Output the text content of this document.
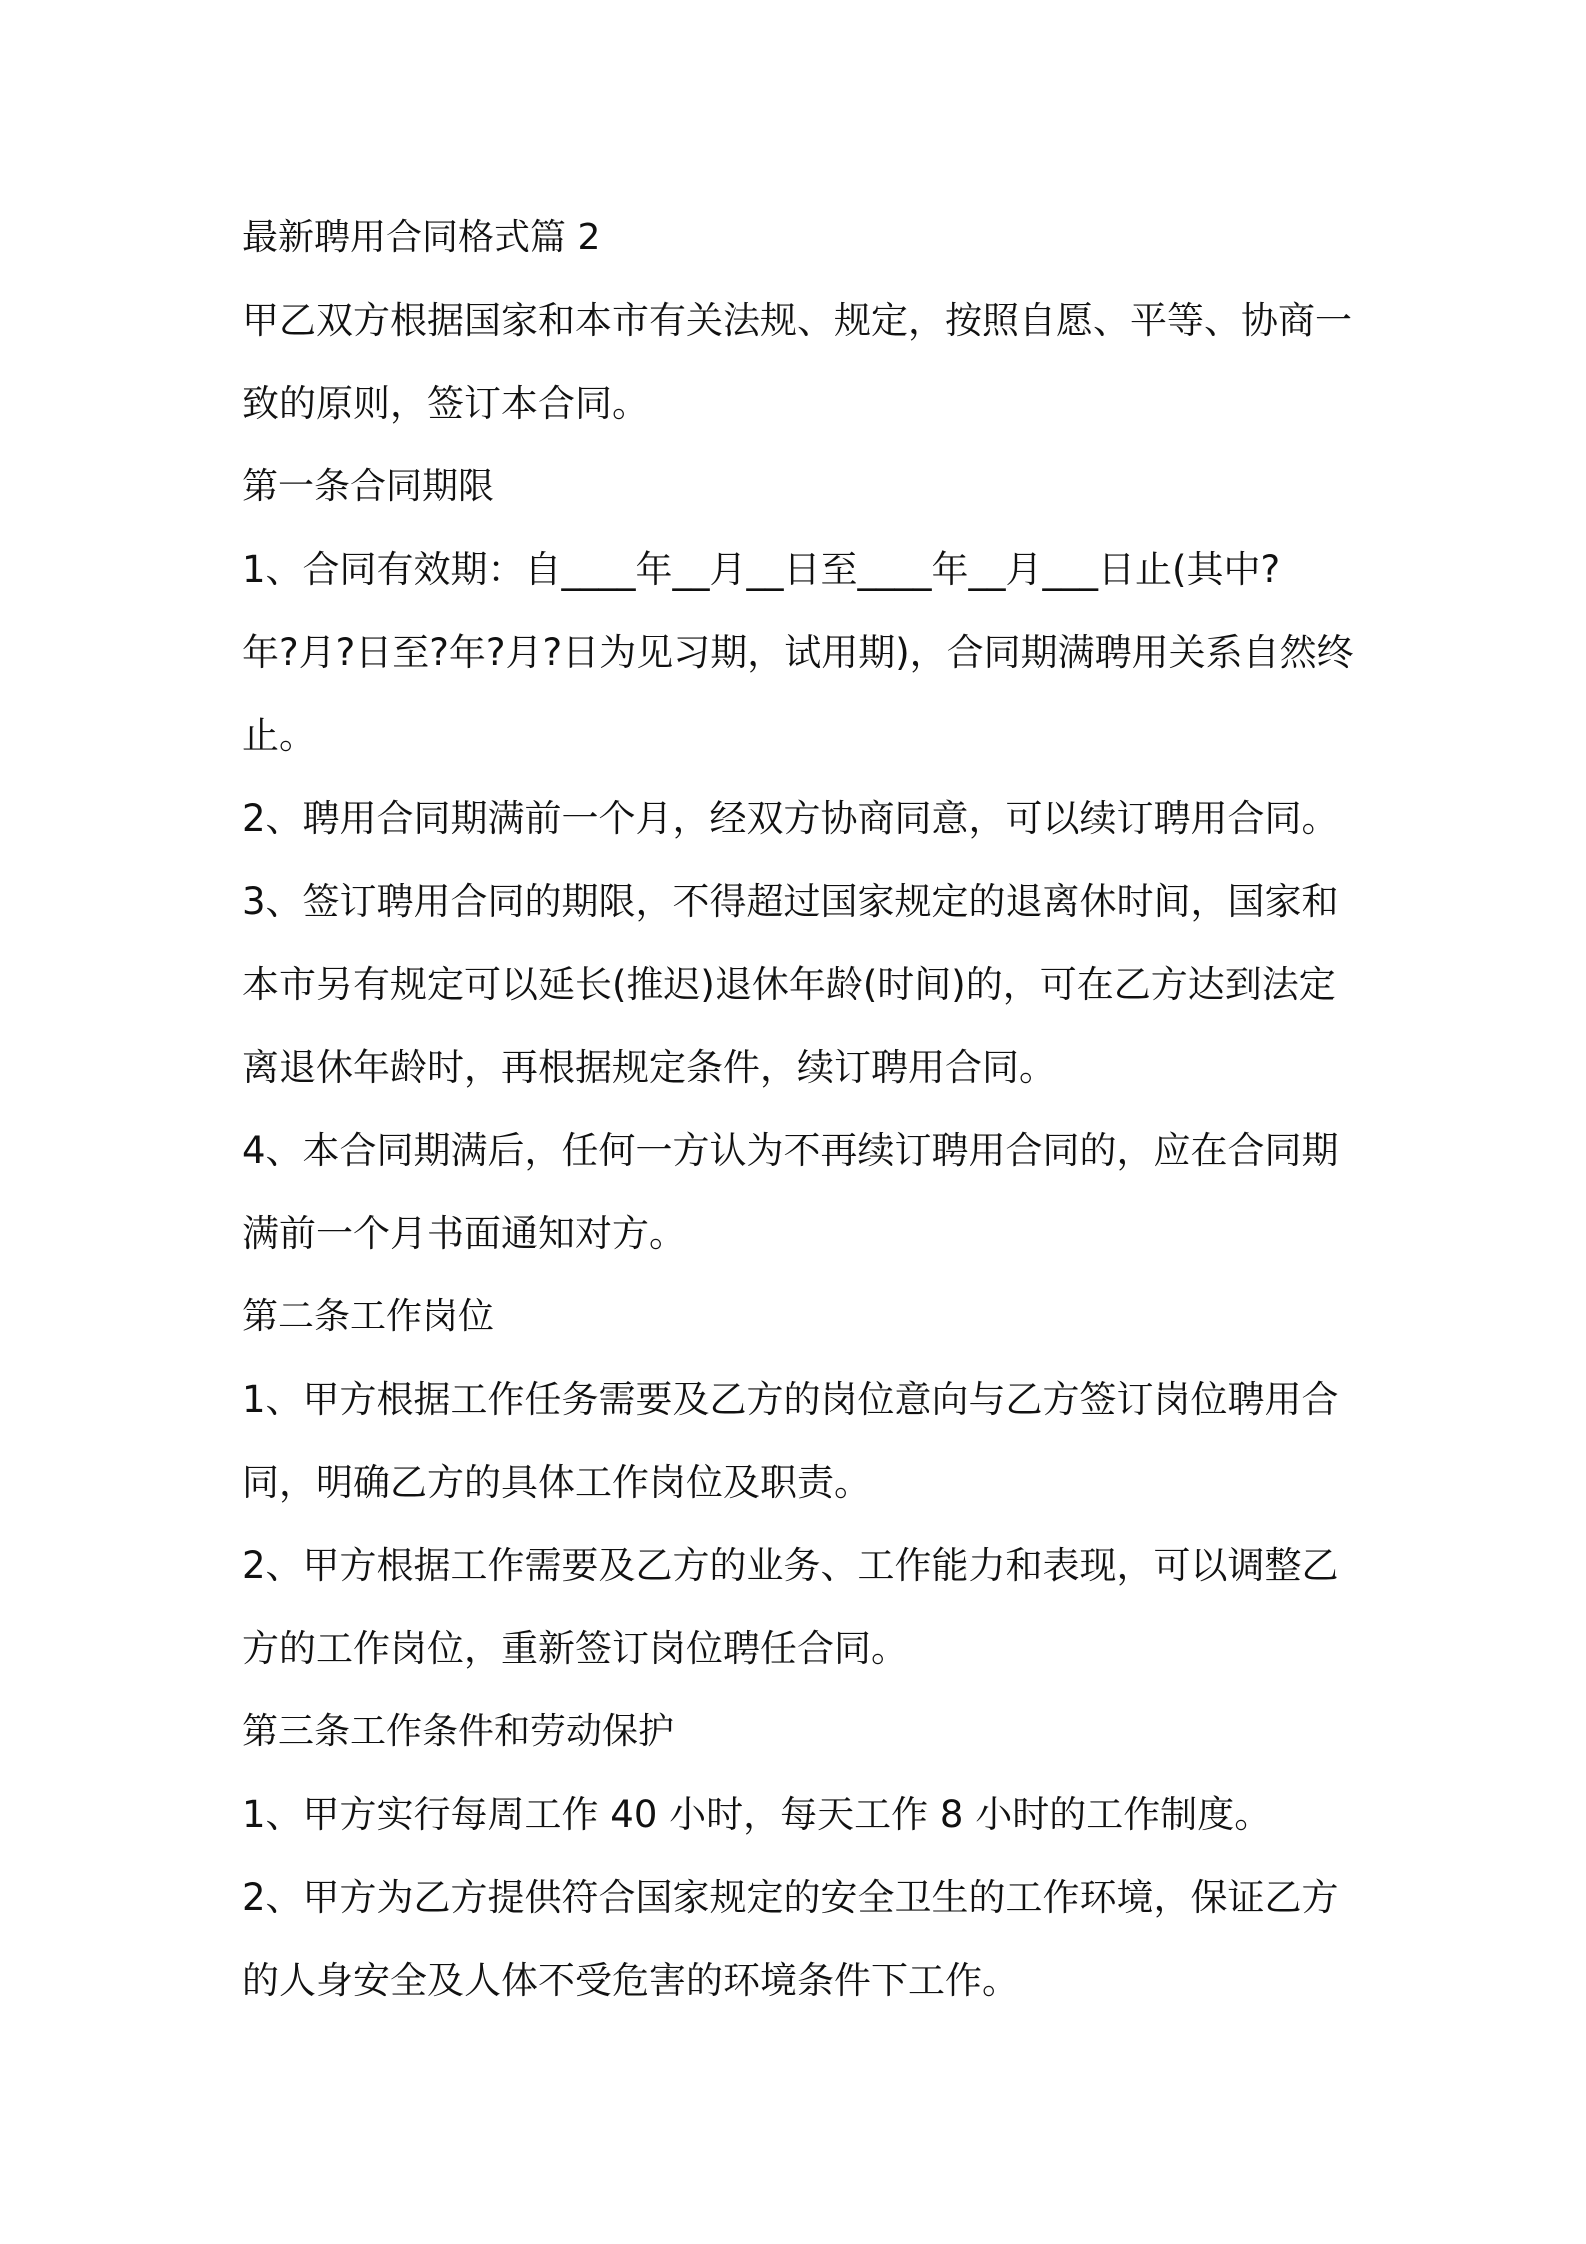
最新聘用合同格式篇 2

甲乙双方根据国家和本市有关法规、规定，按照自愿、平等、协商一

致的原则，签订本合同。

第一条合同期限

1、合同有效期：自____年__月__日至____年__月___日止(其中?

年?月?日至?年?月?日为见习期，试用期)，合同期满聘用关系自然终

止。

2、聘用合同期满前一个月，经双方协商同意，可以续订聘用合同。

3、签订聘用合同的期限，不得超过国家规定的退离休时间，国家和

本市另有规定可以延长(推迟)退休年龄(时间)的，可在乙方达到法定

离退休年龄时，再根据规定条件，续订聘用合同。

4、本合同期满后，任何一方认为不再续订聘用合同的，应在合同期

满前一个月书面通知对方。

第二条工作岗位

1、甲方根据工作任务需要及乙方的岗位意向与乙方签订岗位聘用合

同，明确乙方的具体工作岗位及职责。

2、甲方根据工作需要及乙方的业务、工作能力和表现，可以调整乙

方的工作岗位，重新签订岗位聘任合同。

第三条工作条件和劳动保护

1、甲方实行每周工作 40 小时，每天工作 8 小时的工作制度。

2、甲方为乙方提供符合国家规定的安全卫生的工作环境，保证乙方

的人身安全及人体不受危害的环境条件下工作。
